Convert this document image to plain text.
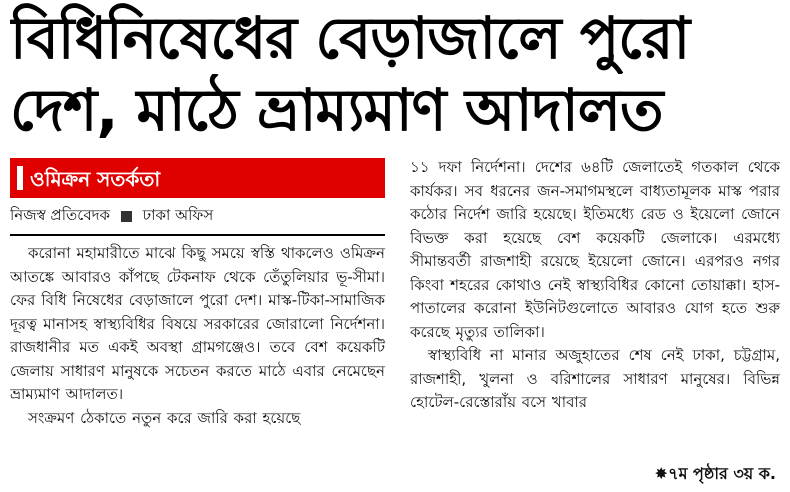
বিধিনিষেধের বেড়াজালে পুরো
দেশ, মাঠে ভ্রাম্যমাণ আদালত
ওমিক্রন সতর্কতা
নিজস্ব প্রতিবেদক ঢাকা অফিস

করোনা মহামারীতে মাঝে কিছু সময়ে স্বস্তি থাকলেও ওমিক্রন আতঙ্কে আবারও কাঁপছে টেকনাফ থেকে তেঁতুলিয়ার ভূ-সীমা। ফের বিধি নিষেধের বেড়াজালে পুরো দেশ। মাস্ক-টিকা-সামাজিক দূরত্ব মানাসহ স্বাস্থ্যবিধির বিষয়ে সরকারের জোরালো নির্দেশনা। রাজধানীর মত একই অবস্থা গ্রামগঞ্জেও। তবে বেশ কয়েকটি জেলায় সাধারণ মানুষকে সচেতন করতে মাঠে এবার নেমেছেন ভ্রাম্যমাণ আদালত।

সংক্রমণ ঠেকাতে নতুন করে জারি করা হয়েছে

১১ দফা নির্দেশনা। দেশের ৬৪টি জেলাতেই গতকাল থেকে কার্যকর। সব ধরনের জন-সমাগমস্থলে বাধ্যতামূলক মাস্ক পরার কঠোর নির্দেশ জারি হয়েছে। ইতিমধ্যে রেড ও ইয়েলো জোনে বিভক্ত করা হয়েছে বেশ কয়েকটি জেলাকে। এরমধ্যে সীমান্তবর্তী রাজশাহী রয়েছে ইয়েলো জোনে। এরপরও নগর কিংবা শহরের কোথাও নেই স্বাস্থ্যবিধির কোনো তোয়াক্কা। হাস-পাতালের করোনা ইউনিটগুলোতে আবারও যোগ হতে শুরু করেছে মৃত্যুর তালিকা।

স্বাস্থ্যবিধি না মানার অজুহাতের শেষ নেই ঢাকা, চট্টগ্রাম, রাজশাহী, খুলনা ও বরিশালের সাধারণ মানুষের। বিভিন্ন হোটেল-রেস্তোরাঁয় বসে খাবার

✸৭ম পৃষ্ঠার ৩য় ক.
